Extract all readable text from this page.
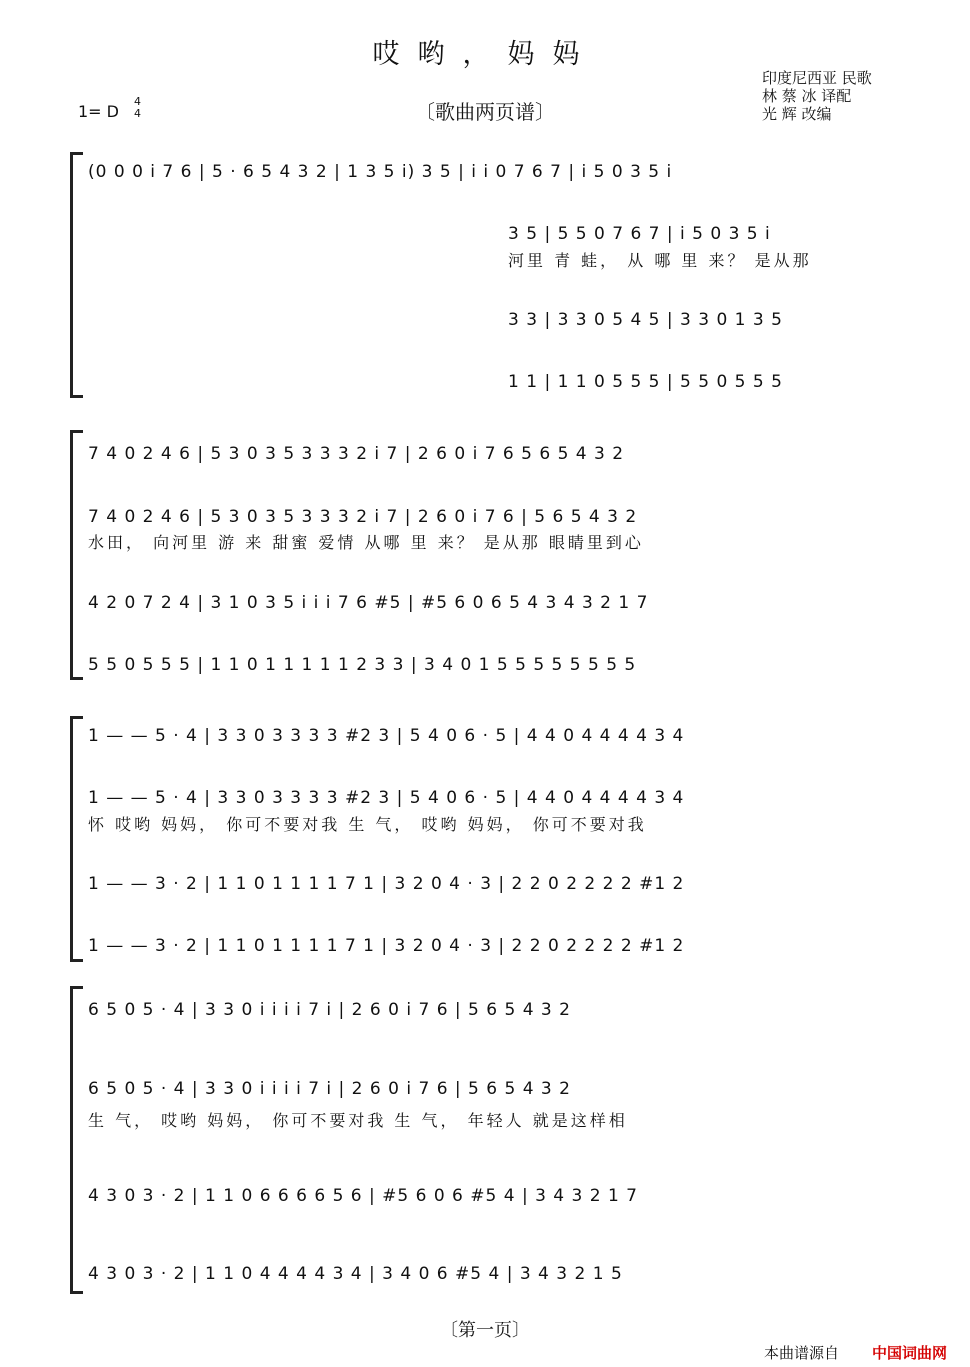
哎哟，妈妈
〔歌曲两页谱〕
1= D
4
4
印度尼西亚 民歌
林 蔡 冰 译配
光 辉 改编
(0 0 0 i 7 6 | 5 · 6 5 4 3 2 | 1 3 5 i) 3 5 | i i 0 7 6 7 | i 5 0 3 5 i
3 5 | 5 5 0 7 6 7 | i 5 0 3 5 i
河里 青 蛙， 从 哪 里 来？ 是从那
3 3 | 3 3 0 5 4 5 | 3 3 0 1 3 5
1 1 | 1 1 0 5 5 5 | 5 5 0 5 5 5
7 4 0 2 4 6 | 5 3 0 3 5 3 3 3 2 i 7 | 2 6 0 i 7 6 5 6 5 4 3 2
7 4 0 2 4 6 | 5 3 0 3 5 3 3 3 2 i 7 | 2 6 0 i 7 6 | 5 6 5 4 3 2
水田， 向河里 游 来 甜蜜 爱情 从哪 里 来？ 是从那 眼睛里到心
4 2 0 7 2 4 | 3 1 0 3 5 i i i 7 6 #5 | #5 6 0 6 5 4 3 4 3 2 1 7
5 5 0 5 5 5 | 1 1 0 1 1 1 1 1 2 3 3 | 3 4 0 1 5 5 5 5 5 5 5 5
1 — — 5 · 4 | 3 3 0 3 3 3 3 #2 3 | 5 4 0 6 · 5 | 4 4 0 4 4 4 4 3 4
1 — — 5 · 4 | 3 3 0 3 3 3 3 #2 3 | 5 4 0 6 · 5 | 4 4 0 4 4 4 4 3 4
怀 哎哟 妈妈， 你可不要对我 生 气， 哎哟 妈妈， 你可不要对我
1 — — 3 · 2 | 1 1 0 1 1 1 1 7 1 | 3 2 0 4 · 3 | 2 2 0 2 2 2 2 #1 2
1 — — 3 · 2 | 1 1 0 1 1 1 1 7 1 | 3 2 0 4 · 3 | 2 2 0 2 2 2 2 #1 2
6 5 0 5 · 4 | 3 3 0 i i i i 7 i | 2 6 0 i 7 6 | 5 6 5 4 3 2
6 5 0 5 · 4 | 3 3 0 i i i i 7 i | 2 6 0 i 7 6 | 5 6 5 4 3 2
生 气， 哎哟 妈妈， 你可不要对我 生 气， 年轻人 就是这样相
4 3 0 3 · 2 | 1 1 0 6 6 6 6 5 6 | #5 6 0 6 #5 4 | 3 4 3 2 1 7
4 3 0 3 · 2 | 1 1 0 4 4 4 4 3 4 | 3 4 0 6 #5 4 | 3 4 3 2 1 5
〔第一页〕
本曲谱源自 中国词曲网
